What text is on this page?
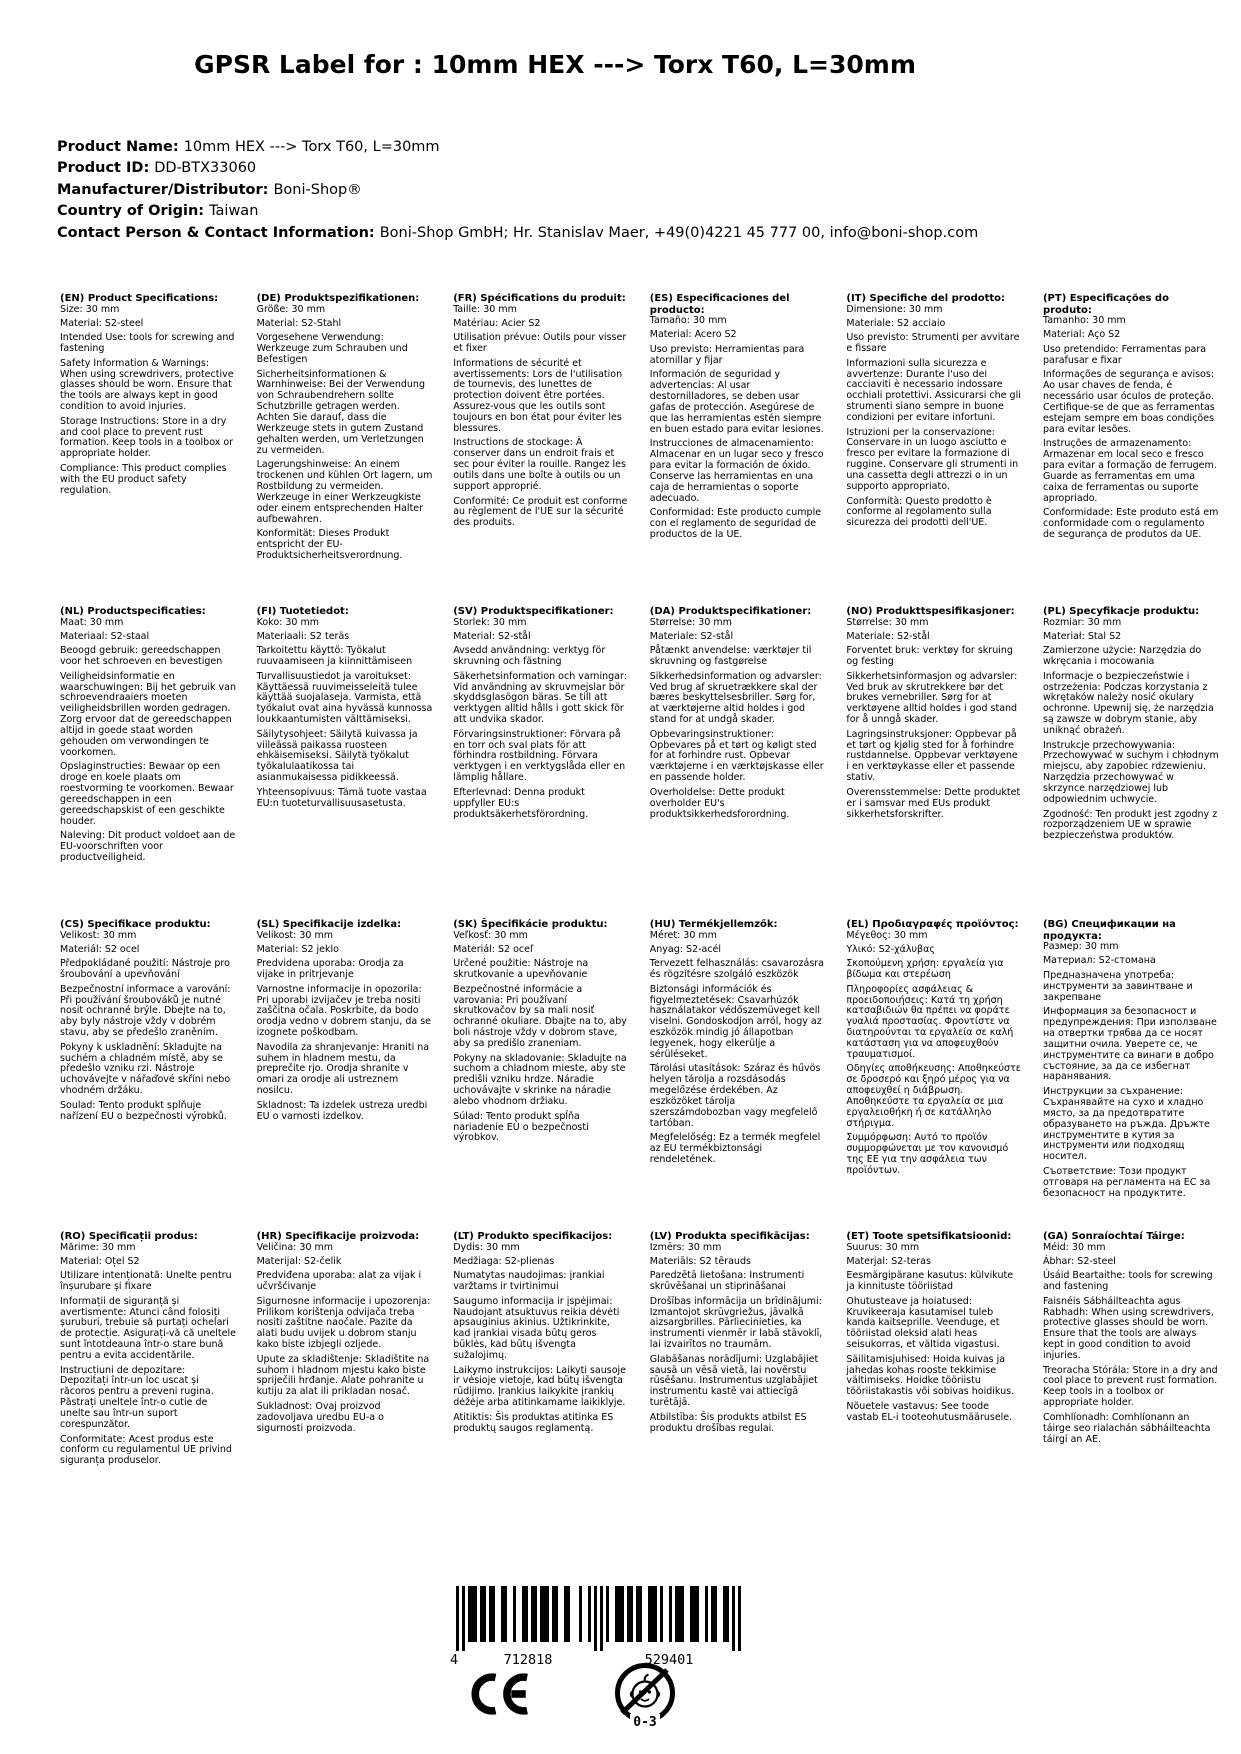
GPSR Label for : 10mm HEX ---> Torx T60, L=30mm
Product Name: 10mm HEX ---> Torx T60, L=30mm
Product ID: DD-BTX33060
Manufacturer/Distributor: Boni-Shop®
Country of Origin: Taiwan
Contact Person & Contact Information: Boni-Shop GmbH; Hr. Stanislav Maer, +49(0)4221 45 777 00, info@boni-shop.com
(EN) Product Specifications:

Size: 30 mm

Material: S2-steel

Intended Use: tools for screwing and fastening

Safety Information & Warnings: When using screwdrivers, protective glasses should be worn. Ensure that the tools are always kept in good condition to avoid injuries.

Storage Instructions: Store in a dry and cool place to prevent rust formation. Keep tools in a toolbox or appropriate holder.

Compliance: This product complies with the EU product safety regulation.

(DE) Produktspezifikationen:

Größe: 30 mm

Material: S2-Stahl

Vorgesehene Verwendung: Werkzeuge zum Schrauben und Befestigen

Sicherheitsinformationen & Warnhinweise: Bei der Verwendung von Schraubendrehern sollte Schutzbrille getragen werden. Achten Sie darauf, dass die Werkzeuge stets in gutem Zustand gehalten werden, um Verletzungen zu vermeiden.

Lagerungshinweise: An einem trockenen und kühlen Ort lagern, um Rostbildung zu vermeiden. Werkzeuge in einer Werkzeugkiste oder einem entsprechenden Halter aufbewahren.

Konformität: Dieses Produkt entspricht der EU-Produktsicherheitsverordnung.

(FR) Spécifications du produit:

Taille: 30 mm

Matériau: Acier S2

Utilisation prévue: Outils pour visser et fixer

Informations de sécurité et avertissements: Lors de l'utilisation de tournevis, des lunettes de protection doivent être portées. Assurez-vous que les outils sont toujours en bon état pour éviter les blessures.

Instructions de stockage: À conserver dans un endroit frais et sec pour éviter la rouille. Rangez les outils dans une boîte à outils ou un support approprié.

Conformité: Ce produit est conforme au règlement de l'UE sur la sécurité des produits.

(ES) Especificaciones del producto:

Tamaño: 30 mm

Material: Acero S2

Uso previsto: Herramientas para atornillar y fijar

Información de seguridad y advertencias: Al usar destornilladores, se deben usar gafas de protección. Asegúrese de que las herramientas estén siempre en buen estado para evitar lesiones.

Instrucciones de almacenamiento: Almacenar en un lugar seco y fresco para evitar la formación de óxido. Conserve las herramientas en una caja de herramientas o soporte adecuado.

Conformidad: Este producto cumple con el reglamento de seguridad de productos de la UE.

(IT) Specifiche del prodotto:

Dimensione: 30 mm

Materiale: S2 acciaio

Uso previsto: Strumenti per avvitare e fissare

Informazioni sulla sicurezza e avvertenze: Durante l'uso dei cacciaviti è necessario indossare occhiali protettivi. Assicurarsi che gli strumenti siano sempre in buone condizioni per evitare infortuni.

Istruzioni per la conservazione: Conservare in un luogo asciutto e fresco per evitare la formazione di ruggine. Conservare gli strumenti in una cassetta degli attrezzi o in un supporto appropriato.

Conformità: Questo prodotto è conforme al regolamento sulla sicurezza dei prodotti dell'UE.

(PT) Especificações do produto:

Tamanho: 30 mm

Material: Aço S2

Uso pretendido: Ferramentas para parafusar e fixar

Informações de segurança e avisos: Ao usar chaves de fenda, é necessário usar óculos de proteção. Certifique-se de que as ferramentas estejam sempre em boas condições para evitar lesões.

Instruções de armazenamento: Armazenar em local seco e fresco para evitar a formação de ferrugem. Guarde as ferramentas em uma caixa de ferramentas ou suporte apropriado.

Conformidade: Este produto está em conformidade com o regulamento de segurança de produtos da UE.

(NL) Productspecificaties:

Maat: 30 mm

Materiaal: S2-staal

Beoogd gebruik: gereedschappen voor het schroeven en bevestigen

Veiligheidsinformatie en waarschuwingen: Bij het gebruik van schroevendraaiers moeten veiligheidsbrillen worden gedragen. Zorg ervoor dat de gereedschappen altijd in goede staat worden gehouden om verwondingen te voorkomen.

Opslaginstructies: Bewaar op een droge en koele plaats om roestvorming te voorkomen. Bewaar gereedschappen in een gereedschapskist of een geschikte houder.

Naleving: Dit product voldoet aan de EU-voorschriften voor productveiligheid.

(FI) Tuotetiedot:

Koko: 30 mm

Materiaali: S2 teräs

Tarkoitettu käyttö: Työkalut ruuvaamiseen ja kiinnittämiseen

Turvallisuustiedot ja varoitukset: Käyttäessä ruuvimeisseleitä tulee käyttää suojalaseja. Varmista, että työkalut ovat aina hyvässä kunnossa loukkaantumisten välttämiseksi.

Säilytysohjeet: Säilytä kuivassa ja viileässä paikassa ruosteen ehkäisemiseksi. Säilytä työkalut työkalulaatikossa tai asianmukaisessa pidikkeessä.

Yhteensopivuus: Tämä tuote vastaa EU:n tuoteturvallisuusasetusta.

(SV) Produktspecifikationer:

Storlek: 30 mm

Material: S2-stål

Avsedd användning: verktyg för skruvning och fästning

Säkerhetsinformation och varningar: Vid användning av skruvmejslar bör skyddsglasögon bäras. Se till att verktygen alltid hålls i gott skick för att undvika skador.

Förvaringsinstruktioner: Förvara på en torr och sval plats för att förhindra rostbildning. Förvara verktygen i en verktygslåda eller en lämplig hållare.

Efterlevnad: Denna produkt uppfyller EU:s produktsäkerhetsförordning.

(DA) Produktspecifikationer:

Størrelse: 30 mm

Materiale: S2-stål

Påtænkt anvendelse: værktøjer til skruvning og fastgørelse

Sikkerhedsinformation og advarsler: Ved brug af skruetrækkere skal der bæres beskyttelsesbriller. Sørg for, at værktøjerne altid holdes i god stand for at undgå skader.

Opbevaringsinstruktioner: Opbevares på et tørt og køligt sted for at forhindre rust. Opbevar værktøjerne i en værktøjskasse eller en passende holder.

Overholdelse: Dette produkt overholder EU's produktsikkerhedsforordning.

(NO) Produkttspesifikasjoner:

Størrelse: 30 mm

Materiale: S2-stål

Forventet bruk: verktøy for skruing og festing

Sikkerhetsinformasjon og advarsler: Ved bruk av skrutrekkere bør det brukes vernebriller. Sørg for at verktøyene alltid holdes i god stand for å unngå skader.

Lagringsinstruksjoner: Oppbevar på et tørt og kjølig sted for å forhindre rustdannelse. Oppbevar verktøyene i en verktøykasse eller et passende stativ.

Overensstemmelse: Dette produktet er i samsvar med EUs produkt sikkerhetsforskrifter.

(PL) Specyfikacje produktu:

Rozmiar: 30 mm

Materiał: Stal S2

Zamierzone użycie: Narzędzia do wkręcania i mocowania

Informacje o bezpieczeństwie i ostrzeżenia: Podczas korzystania z wkrętaków należy nosić okulary ochronne. Upewnij się, że narzędzia są zawsze w dobrym stanie, aby uniknąć obrażeń.

Instrukcje przechowywania: Przechowywać w suchym i chłodnym miejscu, aby zapobiec rdzewieniu. Narzędzia przechowywać w skrzynce narzędziowej lub odpowiednim uchwycie.

Zgodność: Ten produkt jest zgodny z rozporządzeniem UE w sprawie bezpieczeństwa produktów.

(CS) Specifikace produktu:

Velikost: 30 mm

Materiál: S2 ocel

Předpokládané použití: Nástroje pro šroubování a upevňování

Bezpečnostní informace a varování: Při používání šroubováků je nutné nosit ochranné brýle. Dbejte na to, aby byly nástroje vždy v dobrém stavu, aby se předešlo zraněním.

Pokyny k uskladnění: Skladujte na suchém a chladném místě, aby se předešlo vzniku rzi. Nástroje uchovávejte v nářaďové skříni nebo vhodném držáku.

Soulad: Tento produkt splňuje nařízení EU o bezpečnosti výrobků.

(SL) Specifikacije izdelka:

Velikost: 30 mm

Material: S2 jeklo

Predvidena uporaba: Orodja za vijake in pritrjevanje

Varnostne informacije in opozorila: Pri uporabi izvijačev je treba nositi zaščitna očala. Poskrbite, da bodo orodja vedno v dobrem stanju, da se izognete poškodbam.

Navodila za shranjevanje: Hraniti na suhem in hladnem mestu, da preprečite rjo. Orodja shranite v omari za orodje ali ustreznem nosilcu.

Skladnost: Ta izdelek ustreza uredbi EU o varnosti izdelkov.

(SK) Špecifikácie produktu:

Veľkosť: 30 mm

Materiál: S2 oceľ

Určené použitie: Nástroje na skrutkovanie a upevňovanie

Bezpečnostné informácie a varovania: Pri používaní skrutkovačov by sa mali nosiť ochranné okuliare. Dbajte na to, aby boli nástroje vždy v dobrom stave, aby sa predišlo zraneniam.

Pokyny na skladovanie: Skladujte na suchom a chladnom mieste, aby ste predišli vzniku hrdze. Náradie uchovávajte v skrinke na náradie alebo vhodnom držiaku.

Súlad: Tento produkt spĺňa nariadenie EÚ o bezpečnosti výrobkov.

(HU) Termékjellemzők:

Méret: 30 mm

Anyag: S2-acél

Tervezett felhasználás: csavarozásra és rögzítésre szolgáló eszközök

Biztonsági információk és figyelmeztetések: Csavarhúzók használatakor védőszemüveget kell viselni. Gondoskodjon arról, hogy az eszközök mindig jó állapotban legyenek, hogy elkerülje a sérüléseket.

Tárolási utasítások: Száraz és hűvös helyen tárolja a rozsdásodás megelőzése érdekében. Az eszközöket tárolja szerszámdobozban vagy megfelelő tartóban.

Megfelelőség: Ez a termék megfelel az EU termékbiztonsági rendeletének.

(EL) Προδιαγραφές προϊόντος:

Μέγεθος: 30 mm

Υλικό: S2-χάλυβας

Σκοπούμενη χρήση: εργαλεία για βίδωμα και στερέωση

Πληροφορίες ασφάλειας & προειδοποιήσεις: Κατά τη χρήση κατσαβιδιών θα πρέπει να φοράτε γυαλιά προστασίας. Φροντίστε να διατηρούνται τα εργαλεία σε καλή κατάσταση για να αποφευχθούν τραυματισμοί.

Οδηγίες αποθήκευσης: Αποθηκεύστε σε δροσερό και ξηρό μέρος για να αποφευχθεί η διάβρωση. Αποθηκεύστε τα εργαλεία σε μια εργαλειοθήκη ή σε κατάλληλο στήριγμα.

Συμμόρφωση: Αυτό το προϊόν συμμορφώνεται με τον κανονισμό της ΕΕ για την ασφάλεια των προϊόντων.

(BG) Спецификации на продукта:

Размер: 30 mm

Материал: S2-стомана

Предназначена употреба: инструменти за завинтване и закрепване

Информация за безопасност и предупреждения: При използване на отвертки трябва да се носят защитни очила. Уверете се, че инструментите са винаги в добро състояние, за да се избегнат наранявания.

Инструкции за съхранение: Съхранявайте на сухо и хладно място, за да предотвратите образуването на ръжда. Дръжте инструментите в кутия за инструменти или подходящ носител.

Съответствие: Този продукт отговаря на регламента на ЕС за безопасност на продуктите.

(RO) Specificații produs:

Mărime: 30 mm

Material: Oțel S2

Utilizare intenționată: Unelte pentru înșurubare și fixare

Informații de siguranță și avertismente: Atunci când folosiți șuruburi, trebuie să purtați ochelari de protecție. Asigurați-vă că uneltele sunt întotdeauna într-o stare bună pentru a evita accidentările.

Instrucțiuni de depozitare: Depozitați într-un loc uscat și răcoros pentru a preveni rugina. Păstrați uneltele într-o cutie de unelte sau într-un suport corespunzător.

Conformitate: Acest produs este conform cu regulamentul UE privind siguranța produselor.

(HR) Specifikacije proizvoda:

Veličina: 30 mm

Materijal: S2-čelik

Predviđena uporaba: alat za vijak i učvršćivanje

Sigurnosne informacije i upozorenja: Prilikom korištenja odvijača treba nositi zaštitne naočale. Pazite da alati budu uvijek u dobrom stanju kako biste izbjegli ozljede.

Upute za skladištenje: Skladištite na suhom i hladnom mjestu kako biste spriječili hrđanje. Alate pohranite u kutiju za alat ili prikladan nosač.

Sukladnost: Ovaj proizvod zadovoljava uredbu EU-a o sigurnosti proizvoda.

(LT) Produkto specifikacijos:

Dydis: 30 mm

Medžiaga: S2-plienas

Numatytas naudojimas: įrankiai varžtams ir tvirtinimui

Saugumo informacija ir įspėjimai: Naudojant atsuktuvus reikia dėvėti apsauginius akinius. Užtikrinkite, kad įrankiai visada būtų geros būklės, kad būtų išvengta sužalojimų.

Laikymo instrukcijos: Laikyti sausoje ir vėsioje vietoje, kad būtų išvengta rūdijimo. Įrankius laikykite įrankių dėžėje arba atitinkamame laikiklyje.

Atitiktis: Šis produktas atitinka ES produktų saugos reglamentą.

(LV) Produkta specifikācijas:

Izmērs: 30 mm

Materiāls: S2 tērauds

Paredzētā lietošana: Instrumenti skrūvēšanai un stiprināšanai

Drošības informācija un brīdinājumi: Izmantojot skrūvgriežus, jāvalkā aizsargbrilles. Pārliecinieties, ka instrumenti vienmēr ir labā stāvoklī, lai izvairītos no traumām.

Glabāšanas norādījumi: Uzglabājiet sausā un vēsā vietā, lai novērstu rūsēšanu. Instrumentus uzglabājiet instrumentu kastē vai attiecīgā turētājā.

Atbilstība: Šis produkts atbilst ES produktu drošības regulai.

(ET) Toote spetsifikatsioonid:

Suurus: 30 mm

Materjal: S2-teras

Eesmärgipärane kasutus: külvikute ja kinnituste tööriistad

Ohutusteave ja hoiatused: Kruvikeeraja kasutamisel tuleb kanda kaitseprille. Veenduge, et tööriistad oleksid alati heas seisukorras, et vältida vigastusi.

Säilitamisjuhised: Hoida kuivas ja jahedas kohas rooste tekkimise vältimiseks. Hoidke tööriistu tööriistakastis või sobivas hoidikus.

Nõuetele vastavus: See toode vastab EL-i tooteohutusmäärusele.

(GA) Sonraíochtaí Táirge:

Méid: 30 mm

Ábhar: S2-steel

Úsáid Beartaithe: tools for screwing and fastening

Faisnéis Sábháilteachta agus Rabhadh: When using screwdrivers, protective glasses should be worn. Ensure that the tools are always kept in good condition to avoid injuries.

Treoracha Stórála: Store in a dry and cool place to prevent rust formation. Keep tools in a toolbox or appropriate holder.

Comhlíonadh: Comhlíonann an táirge seo rialachán sábháilteachta táirgí an AE.

4	712818	529401
0-3
